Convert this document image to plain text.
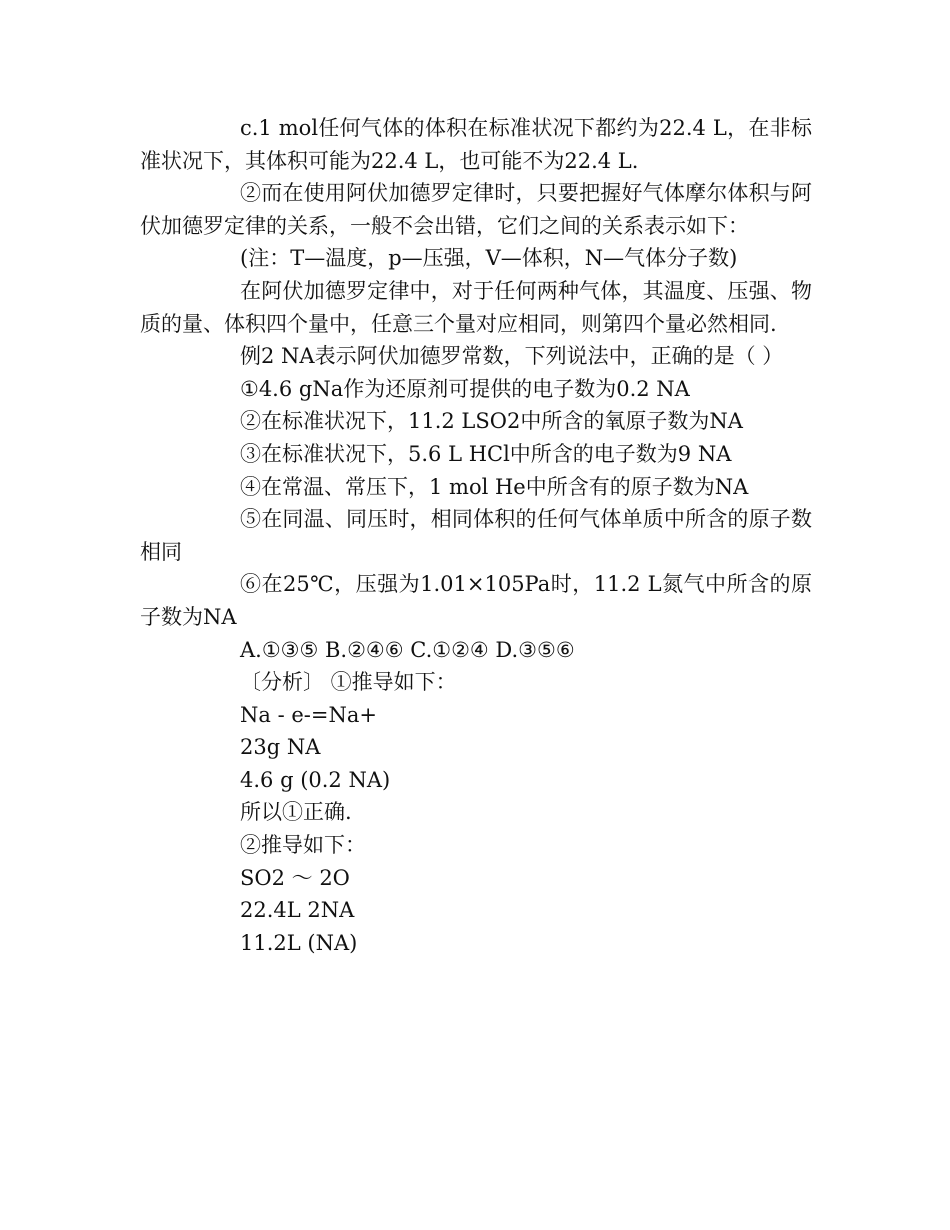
c.1 mol任何气体的体积在标准状况下都约为22.4 L，在非标准状况下，其体积可能为22.4 L，也可能不为22.4 L.

②而在使用阿伏加德罗定律时，只要把握好气体摩尔体积与阿伏加德罗定律的关系，一般不会出错，它们之间的关系表示如下：

(注：T—温度，p—压强，V—体积，N—气体分子数)

在阿伏加德罗定律中，对于任何两种气体，其温度、压强、物质的量、体积四个量中，任意三个量对应相同，则第四个量必然相同.

例2 NA表示阿伏加德罗常数，下列说法中，正确的是（ ）

①4.6 gNa作为还原剂可提供的电子数为0.2 NA

②在标准状况下，11.2 LSO2中所含的氧原子数为NA

③在标准状况下，5.6 L HCl中所含的电子数为9 NA

④在常温、常压下，1 mol He中所含有的原子数为NA

⑤在同温、同压时，相同体积的任何气体单质中所含的原子数相同

⑥在25℃，压强为1.01×105Pa时，11.2 L氮气中所含的原子数为NA

A.①③⑤ B.②④⑥ C.①②④ D.③⑤⑥

〔分析〕 ①推导如下：

Na - e-=Na+

23g NA

4.6 g (0.2 NA)

所以①正确.

②推导如下：

SO2 ～ 2O

22.4L 2NA

11.2L (NA)
